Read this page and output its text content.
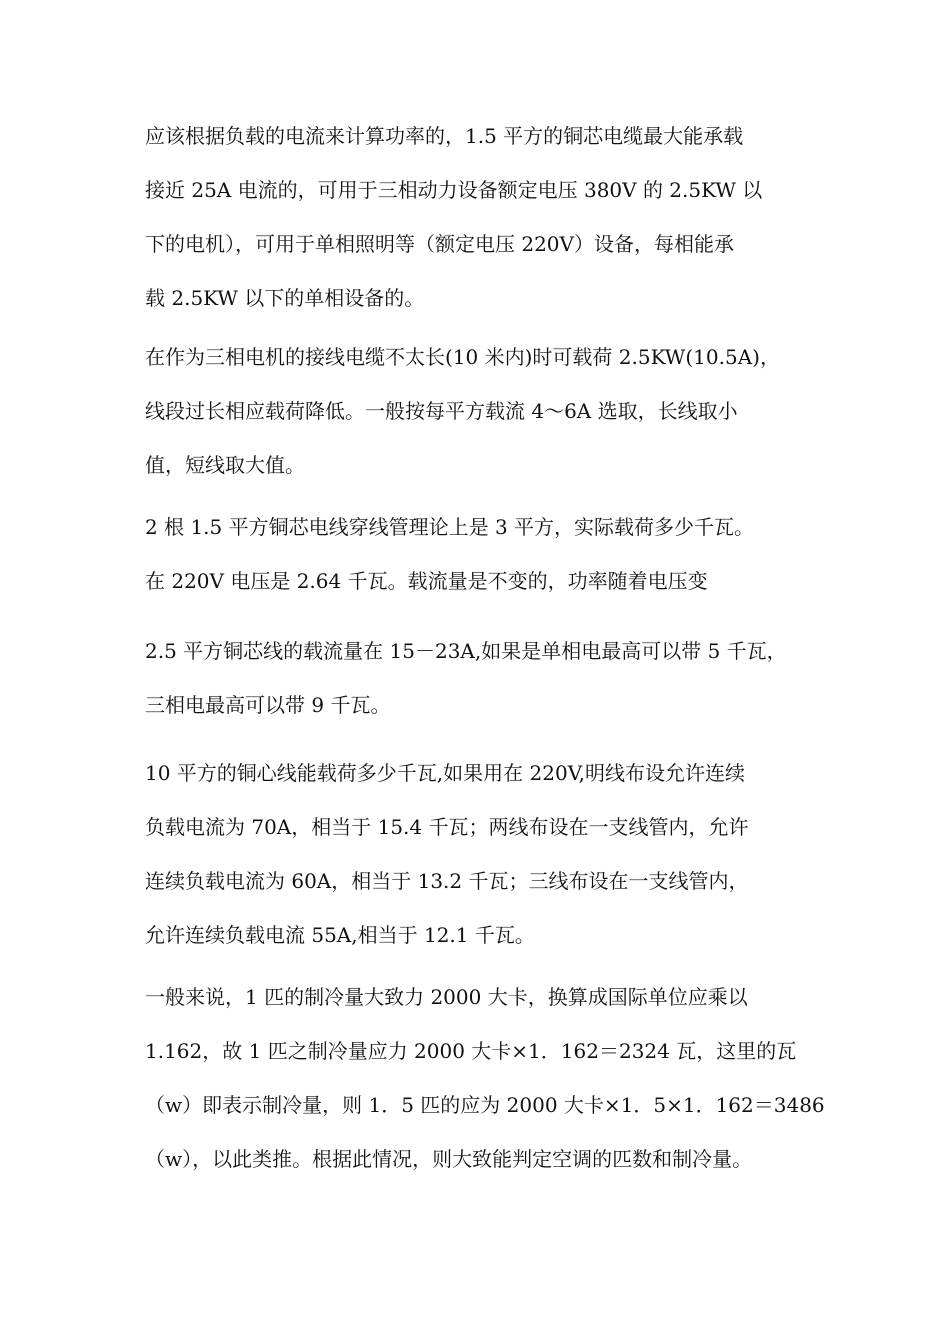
应该根据负载的电流来计算功率的，1.5 平方的铜芯电缆最大能承载
接近 25A 电流的，可用于三相动力设备额定电压 380V 的 2.5KW 以
下的电机），可用于单相照明等（额定电压 220V）设备，每相能承
载 2.5KW 以下的单相设备的。
在作为三相电机的接线电缆不太长(10 米内)时可载荷 2.5KW(10.5A)，
线段过长相应载荷降低。一般按每平方载流 4～6A 选取，长线取小
值，短线取大值。
2 根 1.5 平方铜芯电线穿线管理论上是 3 平方，实际载荷多少千瓦。
在 220V 电压是 2.64 千瓦。载流量是不变的，功率随着电压变
2.5 平方铜芯线的载流量在 15－23A,如果是单相电最高可以带 5 千瓦，
三相电最高可以带 9 千瓦。
10 平方的铜心线能载荷多少千瓦,如果用在 220V,明线布设允许连续
负载电流为 70A，相当于 15.4 千瓦；两线布设在一支线管内，允许
连续负载电流为 60A，相当于 13.2 千瓦；三线布设在一支线管内，
允许连续负载电流 55A,相当于 12.1 千瓦。
一般来说，1 匹的制冷量大致力 2000 大卡，换算成国际单位应乘以
1.162，故 1 匹之制冷量应力 2000 大卡×1．162＝2324 瓦，这里的瓦
（w）即表示制冷量，则 1．5 匹的应为 2000 大卡×1．5×1．162＝3486
（w），以此类推。根据此情况，则大致能判定空调的匹数和制冷量。
